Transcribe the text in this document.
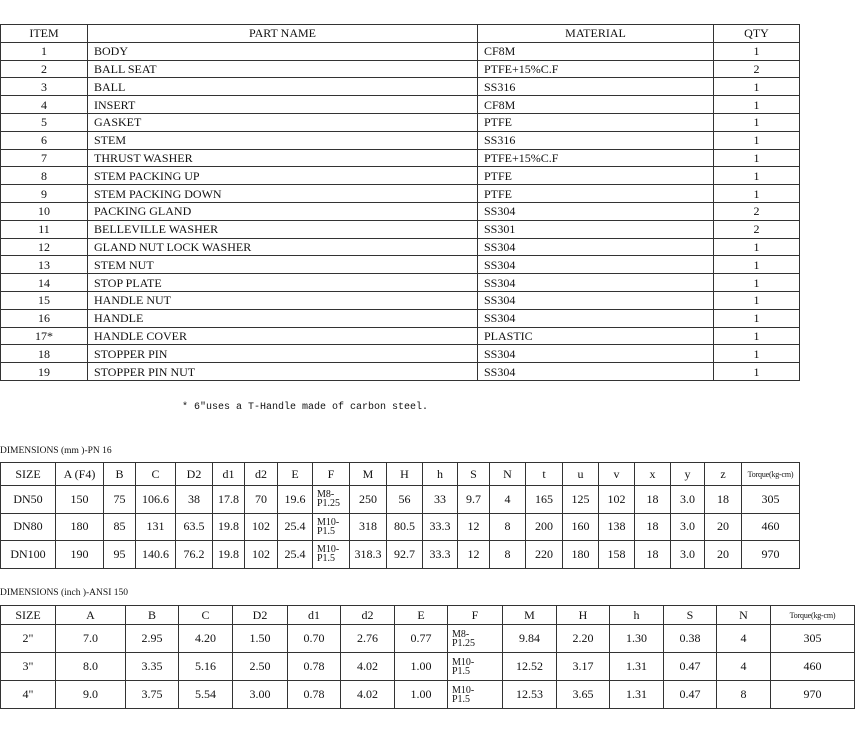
ITEM	PART NAME	MATERIAL	QTY
1	BODY	CF8M	1
2	BALL SEAT	PTFE+15%C.F	2
3	BALL	SS316	1
4	INSERT	CF8M	1
5	GASKET	PTFE	1
6	STEM	SS316	1
7	THRUST WASHER	PTFE+15%C.F	1
8	STEM PACKING UP	PTFE	1
9	STEM PACKING DOWN	PTFE	1
10	PACKING GLAND	SS304	2
11	BELLEVILLE WASHER	SS301	2
12	GLAND NUT LOCK WASHER	SS304	1
13	STEM NUT	SS304	1
14	STOP PLATE	SS304	1
15	HANDLE NUT	SS304	1
16	HANDLE	SS304	1
17*	HANDLE COVER	PLASTIC	1
18	STOPPER PIN	SS304	1
19	STOPPER PIN NUT	SS304	1
* 6"uses a T-Handle made of carbon steel.
DIMENSIONS (mm )-PN 16
SIZE	A (F4)	B	C	D2	d1	d2	E	F	M	H	h	S	N	t	u	v	x	y	z	Torque(kg-cm)
DN50	150	75	106.6	38	17.8	70	19.6	M8-
P1.25	250	56	33	9.7	4	165	125	102	18	3.0	18	305
DN80	180	85	131	63.5	19.8	102	25.4	M10-
P1.5	318	80.5	33.3	12	8	200	160	138	18	3.0	20	460
DN100	190	95	140.6	76.2	19.8	102	25.4	M10-
P1.5	318.3	92.7	33.3	12	8	220	180	158	18	3.0	20	970
DIMENSIONS (inch )-ANSI 150
SIZE	A	B	C	D2	d1	d2	E	F	M	H	h	S	N	Torque(kg-cm)
2"	7.0	2.95	4.20	1.50	0.70	2.76	0.77	M8-
P1.25	9.84	2.20	1.30	0.38	4	305
3"	8.0	3.35	5.16	2.50	0.78	4.02	1.00	M10-
P1.5	12.52	3.17	1.31	0.47	4	460
4"	9.0	3.75	5.54	3.00	0.78	4.02	1.00	M10-
P1.5	12.53	3.65	1.31	0.47	8	970
